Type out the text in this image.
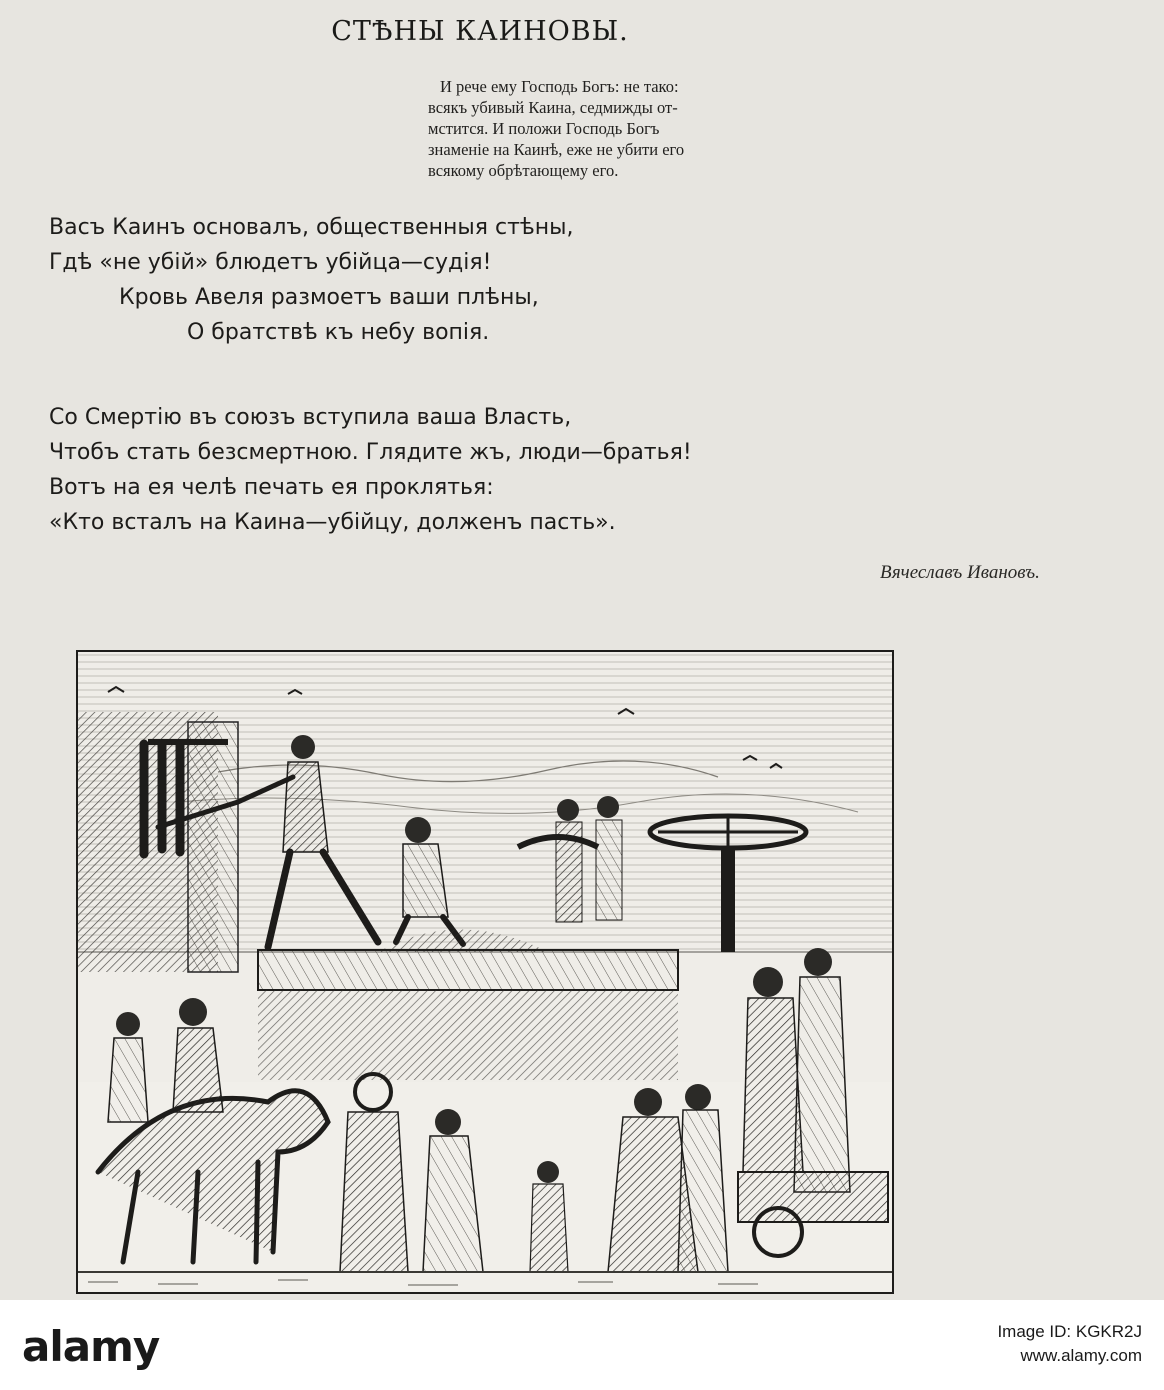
СТѢНЫ КАИНОВЫ.
И рече ему Господь Богъ: не тако:
всякъ убивый Каина, седмижды от-
мстится. И положи Господь Богъ
знаменіе на Каинѣ, еже не убити его
всякому обрѣтающему его.
Васъ Каинъ основалъ, общественныя стѣны,
Гдѣ «не убій» блюдетъ убійца—судія!
Кровь Авеля размоетъ ваши плѣны,
О братствѣ къ небу вопія.
Со Смертію въ союзъ вступила ваша Власть,
Чтобъ стать безсмертною. Глядите жъ, люди—братья!
Вотъ на ея челѣ печать ея проклятья:
«Кто всталъ на Каина—убійцу, долженъ пасть».
Вячеславъ Ивановъ.
alamy	Image ID: KGKR2J
www.alamy.com
